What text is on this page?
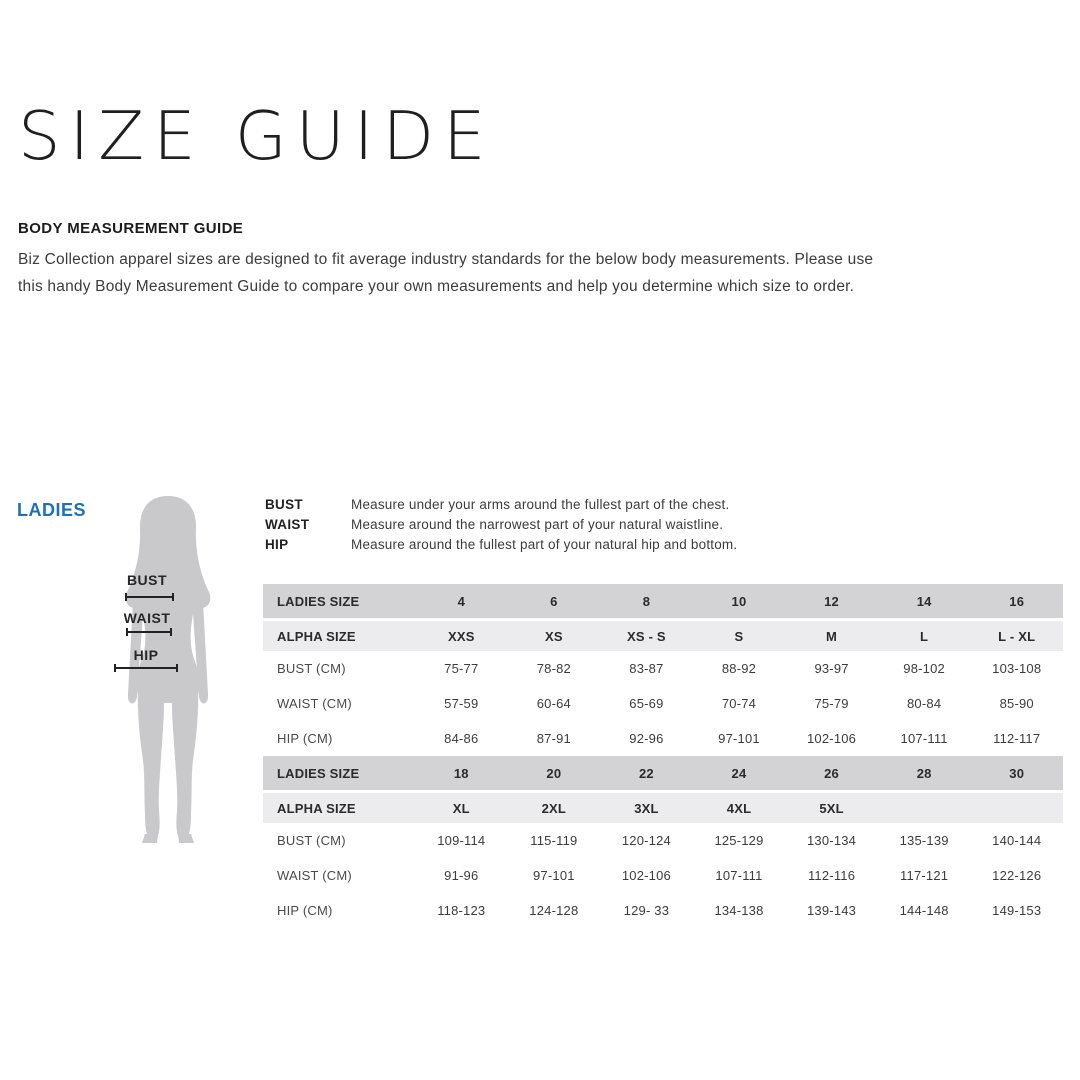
SIZE GUIDE
BODY MEASUREMENT GUIDE
Biz Collection apparel sizes are designed to fit average industry standards for the below body measurements. Please use
this handy Body Measurement Guide to compare your own measurements and help you determine which size to order.
LADIES
BUST
WAIST
HIP
BUST	Measure under your arms around the fullest part of the chest.
WAIST	Measure around the narrowest part of your natural waistline.
HIP	Measure around the fullest part of your natural hip and bottom.
LADIES SIZE	4	6	8	10	12	14	16
ALPHA SIZE	XXS	XS	XS - S	S	M	L	L - XL
BUST (CM)	75-77	78-82	83-87	88-92	93-97	98-102	103-108
WAIST (CM)	57-59	60-64	65-69	70-74	75-79	80-84	85-90
HIP (CM)	84-86	87-91	92-96	97-101	102-106	107-111	112-117
LADIES SIZE	18	20	22	24	26	28	30
ALPHA SIZE	XL	2XL	3XL	4XL	5XL
BUST (CM)	109-114	115-119	120-124	125-129	130-134	135-139	140-144
WAIST (CM)	91-96	97-101	102-106	107-111	112-116	117-121	122-126
HIP (CM)	118-123	124-128	129- 33	134-138	139-143	144-148	149-153
